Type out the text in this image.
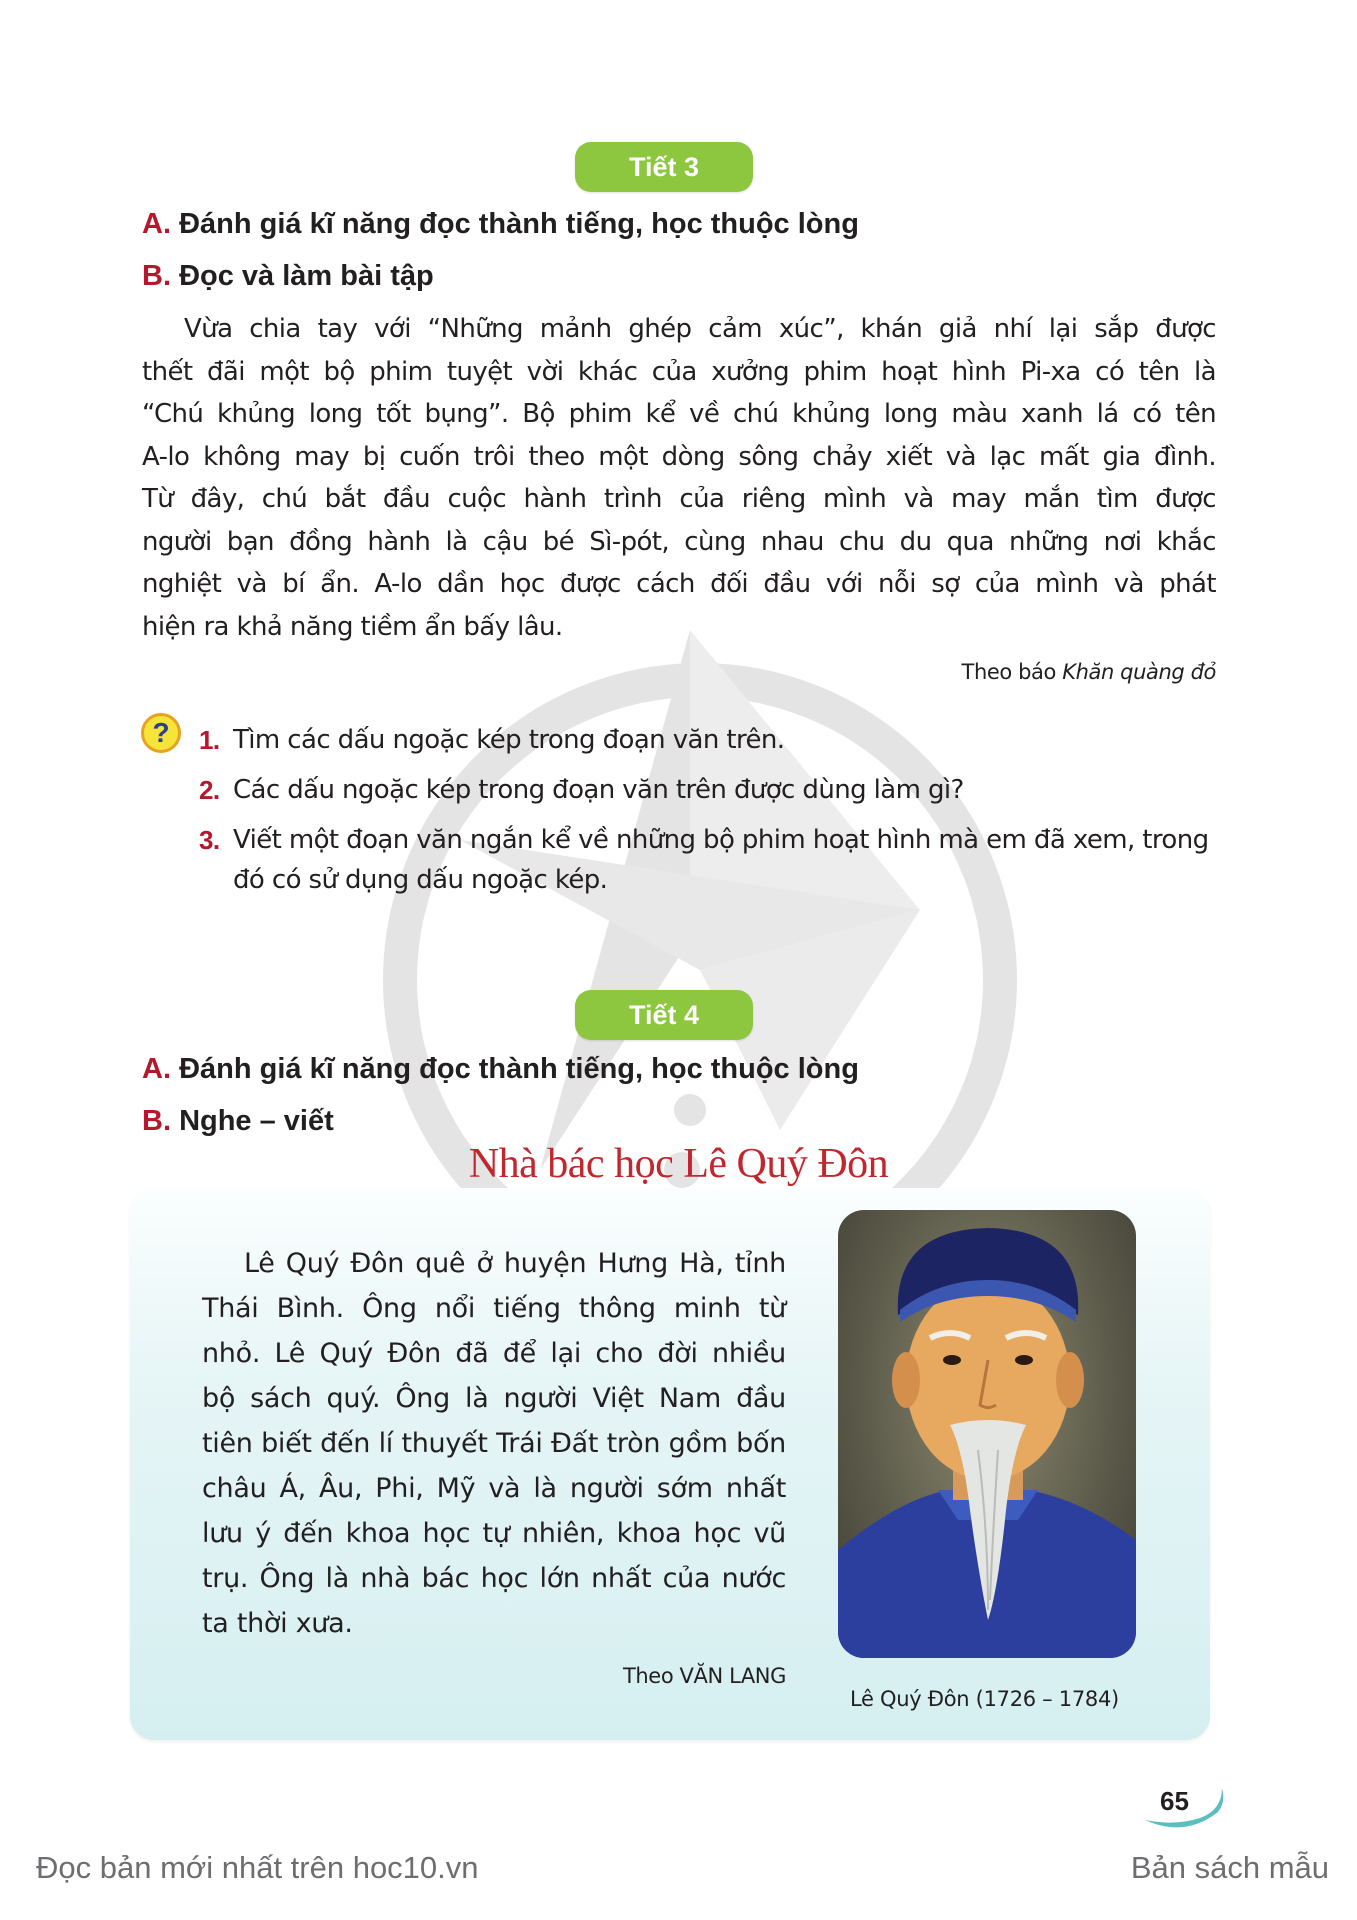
Tiết 3
A. Đánh giá kĩ năng đọc thành tiếng, học thuộc lòng
B. Đọc và làm bài tập
Vừa chia tay với “Những mảnh ghép cảm xúc”, khán giả nhí lại sắp được
thết đãi một bộ phim tuyệt vời khác của xưởng phim hoạt hình Pi-xa có tên là
“Chú khủng long tốt bụng”. Bộ phim kể về chú khủng long màu xanh lá có tên
A-lo không may bị cuốn trôi theo một dòng sông chảy xiết và lạc mất gia đình.
Từ đây, chú bắt đầu cuộc hành trình của riêng mình và may mắn tìm được
người bạn đồng hành là cậu bé Sì-pót, cùng nhau chu du qua những nơi khắc
nghiệt và bí ẩn. A-lo dần học được cách đối đầu với nỗi sợ của mình và phát
hiện ra khả năng tiềm ẩn bấy lâu.
Theo báo Khăn quàng đỏ
?	1. Tìm các dấu ngoặc kép trong đoạn văn trên.
2. Các dấu ngoặc kép trong đoạn văn trên được dùng làm gì?
3. Viết một đoạn văn ngắn kể về những bộ phim hoạt hình mà em đã xem, trong đó có sử dụng dấu ngoặc kép.
Tiết 4
A. Đánh giá kĩ năng đọc thành tiếng, học thuộc lòng
B. Nghe – viết
Nhà bác học Lê Quý Đôn
Lê Quý Đôn quê ở huyện Hưng Hà, tỉnh
Thái Bình. Ông nổi tiếng thông minh từ
nhỏ. Lê Quý Đôn đã để lại cho đời nhiều
bộ sách quý. Ông là người Việt Nam đầu
tiên biết đến lí thuyết Trái Đất tròn gồm bốn
châu Á, Âu, Phi, Mỹ và là người sớm nhất
lưu ý đến khoa học tự nhiên, khoa học vũ
trụ. Ông là nhà bác học lớn nhất của nước
ta thời xưa.
Theo VĂN LANG
Lê Quý Đôn (1726 – 1784)
65
Đọc bản mới nhất trên hoc10.vn	Bản sách mẫu
